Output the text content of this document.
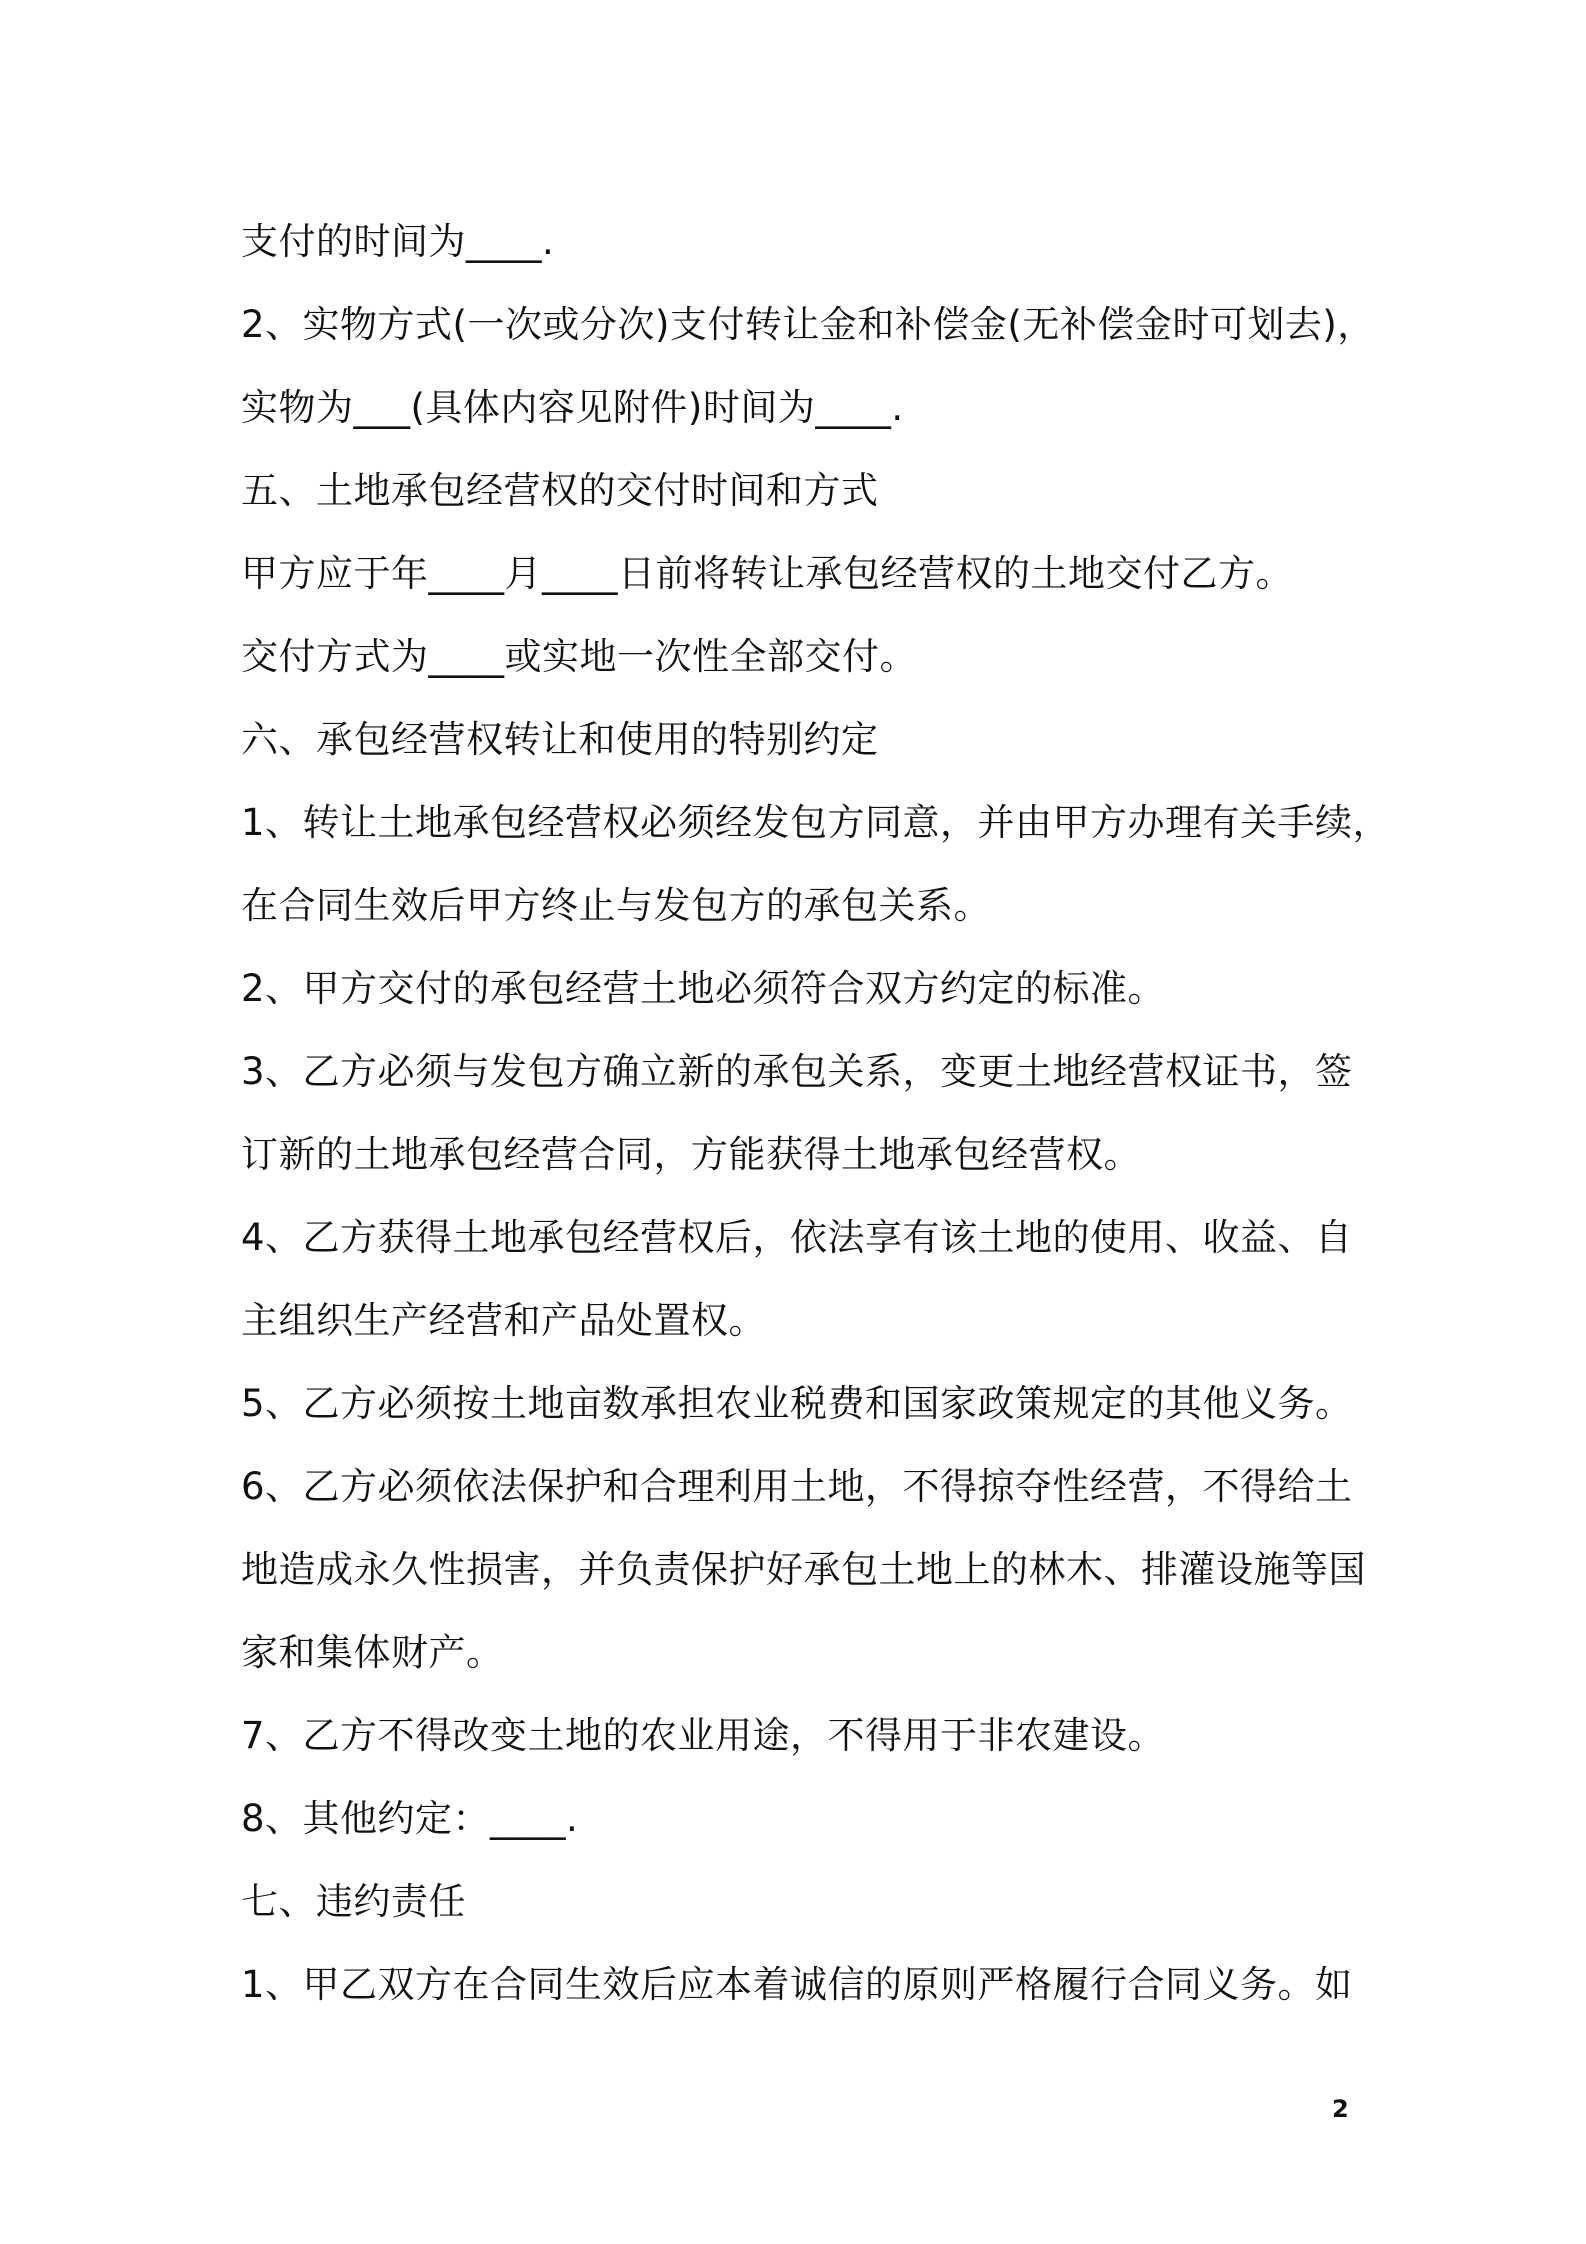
支付的时间为____.
2、实物方式(一次或分次)支付转让金和补偿金(无补偿金时可划去)，
实物为___(具体内容见附件)时间为____.
五、土地承包经营权的交付时间和方式
甲方应于年____月____日前将转让承包经营权的土地交付乙方。
交付方式为____或实地一次性全部交付。
六、承包经营权转让和使用的特别约定
1、转让土地承包经营权必须经发包方同意，并由甲方办理有关手续，
在合同生效后甲方终止与发包方的承包关系。
2、甲方交付的承包经营土地必须符合双方约定的标准。
3、乙方必须与发包方确立新的承包关系，变更土地经营权证书，签
订新的土地承包经营合同，方能获得土地承包经营权。
4、乙方获得土地承包经营权后，依法享有该土地的使用、收益、自
主组织生产经营和产品处置权。
5、乙方必须按土地亩数承担农业税费和国家政策规定的其他义务。
6、乙方必须依法保护和合理利用土地，不得掠夺性经营，不得给土
地造成永久性损害，并负责保护好承包土地上的林木、排灌设施等国
家和集体财产。
7、乙方不得改变土地的农业用途，不得用于非农建设。
8、其他约定：____.
七、违约责任
1、甲乙双方在合同生效后应本着诚信的原则严格履行合同义务。如
2
